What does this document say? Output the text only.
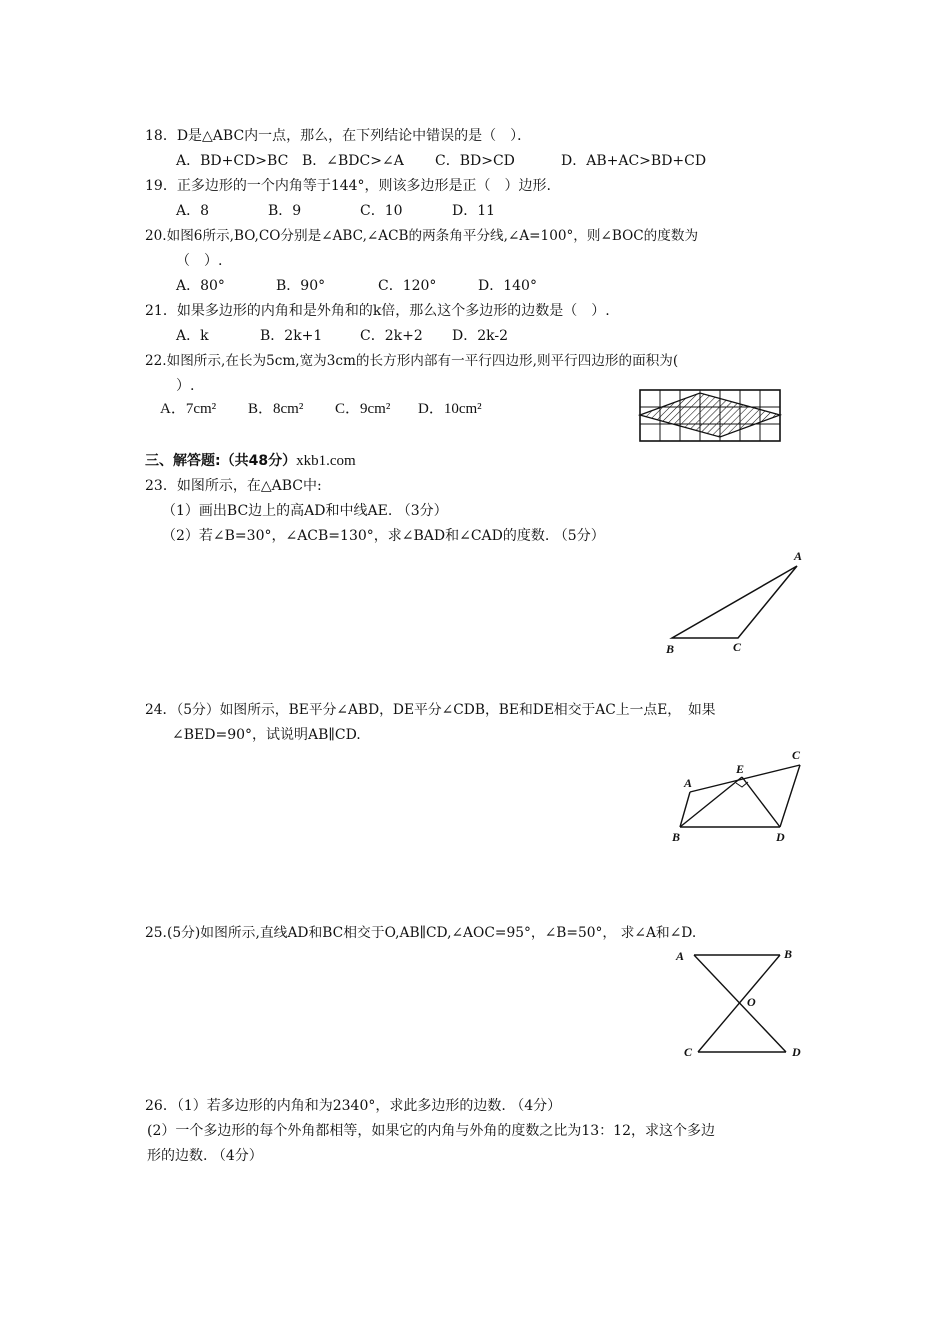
18．D是△ABC内一点，那么，在下列结论中错误的是（　）．
A．BD+CD>BC B．∠BDC>∠A C．BD>CD	D．AB+AC>BD+CD
19．正多边形的一个内角等于144°，则该多边形是正（　）边形.
A．8	B．9	C．10	D．11
20.如图6所示,BO,CO分别是∠ABC,∠ACB的两条角平分线,∠A=100°，则∠BOC的度数为
（　）.
A．80°	B．90°	C．120°	D．140°
21．如果多边形的内角和是外角和的k倍，那么这个多边形的边数是（　）.
A．k	B．2k+1	C．2k+2 D．2k-2
22.如图所示,在长为5cm,宽为3cm的长方形内部有一平行四边形,则平行四边形的面积为(
）.
A．7cm² B．8cm² C．9cm² D．10cm²
三、解答题:（共48分）xkb1.com
23．如图所示，在△ABC中:
（1）画出BC边上的高AD和中线AE. （3分）
（2）若∠B=30°，∠ACB=130°，求∠BAD和∠CAD的度数. （5分）
A
B	C
24．（5分）如图所示，BE平分∠ABD，DE平分∠CDB，BE和DE相交于AC上一点E，　如果
∠BED=90°，试说明AB∥CD.
A
B
C
D
E
25.(5分)如图所示,直线AD和BC相交于O,AB∥CD,∠AOC=95°，∠B=50°， 求∠A和∠D.
A	B
C	D
O
26．（1）若多边形的内角和为2340°，求此多边形的边数. （4分）
(2）一个多边形的每个外角都相等，如果它的内角与外角的度数之比为13：12，求这个多边
形的边数. （4分）
